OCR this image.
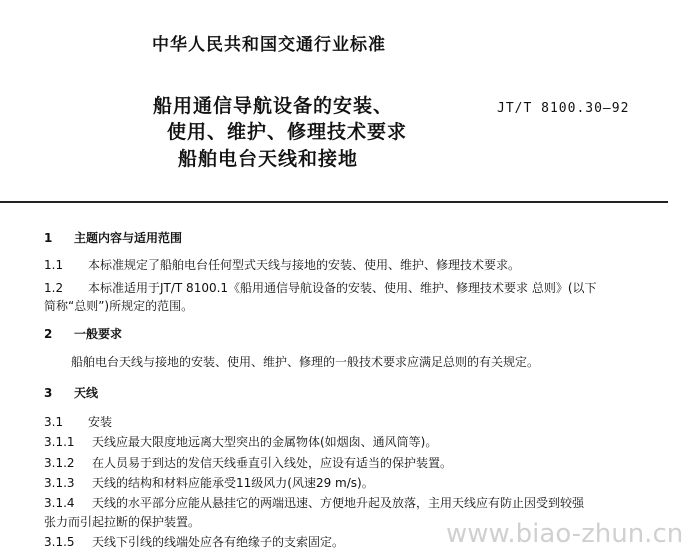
中华人民共和国交通行业标准
船用通信导航设备的安装、
使用、维护、修理技术要求
船舶电台天线和接地
JT/T 8100.30—92
1 主题内容与适用范围
1.1 本标准规定了船舶电台任何型式天线与接地的安装、使用、维护、修理技术要求。
1.2 本标准适用于JT/T 8100.1《船用通信导航设备的安装、使用、维护、修理技术要求 总则》(以下
简称“总则”)所规定的范围。
2 一般要求
船舶电台天线与接地的安装、使用、维护、修理的一般技术要求应满足总则的有关规定。
3 天线
3.1 安装
3.1.1 天线应最大限度地远离大型突出的金属物体(如烟囱、通风筒等)。
3.1.2 在人员易于到达的发信天线垂直引入线处，应设有适当的保护装置。
3.1.3 天线的结构和材料应能承受11级风力(风速29 m/s)。
3.1.4 天线的水平部分应能从悬挂它的两端迅速、方便地升起及放落，主用天线应有防止因受到较强
张力而引起拉断的保护装置。
3.1.5 天线下引线的线端处应各有绝缘子的支索固定。	www.biao-zhun.cn
